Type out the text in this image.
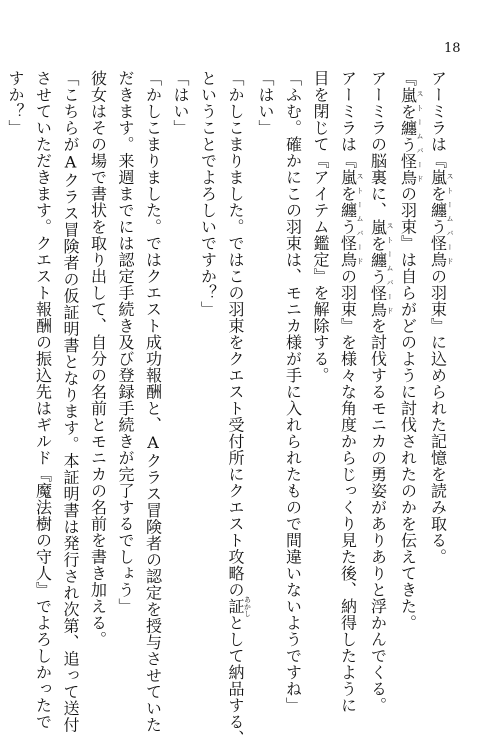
18
アーミラは『嵐を纏う怪鳥ストームバードの羽束』に込められた記憶を読み取る。
『嵐を纏う怪鳥ストームバードの羽束』は自らがどのように討伐されたのかを伝えてきた。
アーミラの脳裏に、嵐を纏う怪鳥ストームバードを討伐するモニカの勇姿がありありと浮かんでくる。
アーミラは『嵐を纏う怪鳥ストームバードの羽束』を様々な角度からじっくり見た後、納得したように
目を閉じて『アイテム鑑定』を解除する。
「ふむ。確かにこの羽束は、モニカ様が手に入れられたもので間違いないようですね」
「はい」
「かしこまりました。ではこの羽束をクエスト受付所にクエスト攻略の証あかしとして納品する、
ということでよろしいですか？」
「はい」
「かしこまりました。ではクエスト成功報酬と、Aクラス冒険者の認定を授与させていた
だきます。来週までには認定手続き及び登録手続きが完了するでしょう」
彼女はその場で書状を取り出して、自分の名前とモニカの名前を書き加える。
「こちらがAクラス冒険者の仮証明書となります。本証明書は発行され次第、追って送付
させていただきます。クエスト報酬の振込先はギルド『魔法樹の守人』でよろしかったで
すか？」
